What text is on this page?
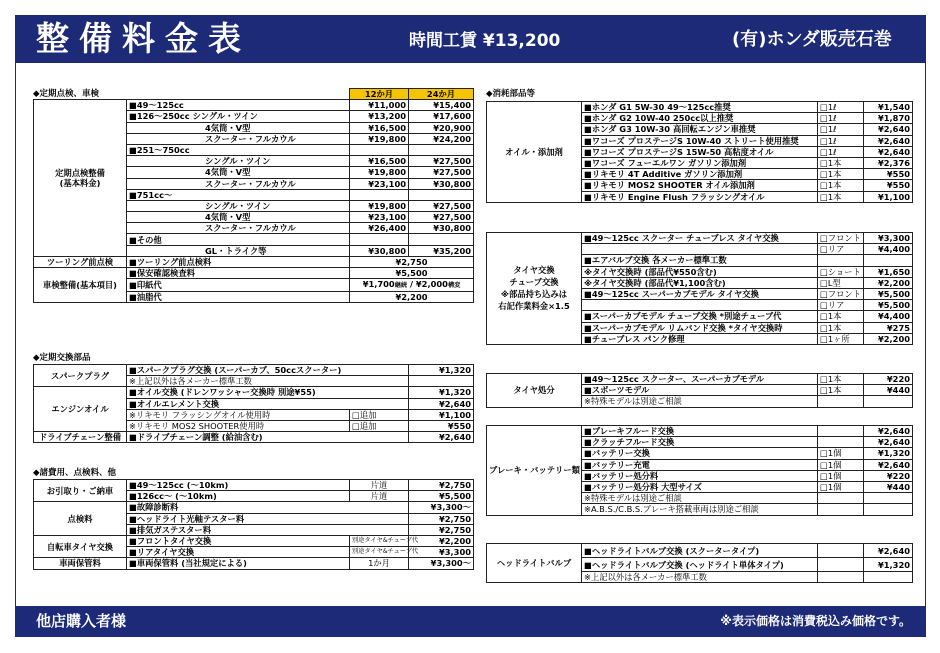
整備料金表	時間工賃 ¥13,200	(有)ホンダ販売石巻
◆定期点検、車検
			12か月	24か月
定期点検整備
(基本料金)	■49～125cc	¥11,000	¥15,400
	■126～250cc シングル・ツイン	¥13,200	¥17,600
	4気筒・V型	¥16,500	¥20,900
	スクーター・フルカウル	¥19,800	¥24,200
	■251～750cc		
	シングル・ツイン	¥16,500	¥27,500
	4気筒・V型	¥19,800	¥27,500
	スクーター・フルカウル	¥23,100	¥30,800
	■751cc～		
	シングル・ツイン	¥19,800	¥27,500
	4気筒・V型	¥23,100	¥27,500
	スクーター・フルカウル	¥26,400	¥30,800
	■その他		
	GL・トライク等	¥30,800	¥35,200
ツーリング前点検	■ツーリング前点検料	¥2,750	
車検整備(基本項目)	■保安確認検査料	¥5,500	
	■印紙代	¥1,700継続 / ¥2,000構変	
	■油脂代	¥2,200	
◆定期交換部品
スパークプラグ	■スパークプラグ交換 (スーパーカブ、50ccスクーター)		¥1,320
	※上記以外は各メーカー標準工数		
エンジンオイル	■オイル交換 (ドレンワッシャー交換時 別途¥55)		¥1,320
	■オイルエレメント交換		¥2,640
	※リキモリ フラッシングオイル使用時	□追加	¥1,100
	※リキモリ MOS2 SHOOTER使用時	□追加	¥550
ドライブチェーン整備	■ドライブチェーン調整 (給油含む)		¥2,640
◆諸費用、点検料、他
お引取り・ご納車	■49～125cc (～10km)	片道	¥2,750
	■126cc～ (～10km)	片道	¥5,500
点検料	■故障診断料		¥3,300～
	■ヘッドライト光軸テスター料		¥2,750
	■排気ガステスター料		¥2,750
自転車タイヤ交換	■フロントタイヤ交換	別途タイヤ&チューブ代	¥2,200
	■リアタイヤ交換	別途タイヤ&チューブ代	¥3,300
車両保管料	■車両保管料 (当社規定による)	1か月	¥3,300～
◆消耗部品等
オイル・添加剤	■ホンダ G1 5W-30 49～125cc推奨	□1ℓ	¥1,540
	■ホンダ G2 10W-40 250cc以上推奨	□1ℓ	¥1,870
	■ホンダ G3 10W-30 高回転エンジン車推奨	□1ℓ	¥2,640
	■ワコーズ プロステージS 10W-40 ストリート使用推奨	□1ℓ	¥2,640
	■ワコーズ プロステージS 15W-50 高粘度オイル	□1ℓ	¥2,640
	■ワコーズ フューエルワン ガソリン添加剤	□1本	¥2,376
	■リキモリ 4T Additive ガソリン添加剤	□1本	¥550
	■リキモリ MOS2 SHOOTER オイル添加剤	□1本	¥550
	■リキモリ Engine Flush フラッシングオイル	□1本	¥1,100
タイヤ交換
チューブ交換
※部品持ち込みは
右記作業料金×1.5	■49～125cc スクーター チューブレス タイヤ交換	□フロント	¥3,300
		□リア	¥4,400
	■エアバルブ交換 各メーカー標準工数		
	※タイヤ交換時 (部品代¥550含む)	□ショート	¥1,650
	※タイヤ交換時 (部品代¥1,100含む)	□L型	¥2,200
	■49～125cc スーパーカブモデル タイヤ交換	□フロント	¥5,500
		□リア	¥5,500
	■スーパーカブモデル チューブ交換 *別途チューブ代	□1本	¥4,400
	■スーパーカブモデル リムバンド交換 *タイヤ交換時	□1本	¥275
	■チューブレス パンク修理	□1ヶ所	¥2,200
タイヤ処分	■49～125cc スクーター、スーパーカブモデル	□1本	¥220
	■スポーツモデル	□1本	¥440
	※特殊モデルは別途ご相談		
ブレーキ・バッテリー類	■ブレーキフルード交換		¥2,640
	■クラッチフルード交換		¥2,640
	■バッテリー交換	□1個	¥1,320
	■バッテリー充電	□1個	¥2,640
	■バッテリー処分料	□1個	¥220
	■バッテリー処分料 大型サイズ	□1個	¥440
	※特殊モデルは別途ご相談		
	※A.B.S./C.B.S.ブレーキ搭載車両は別途ご相談		
ヘッドライトバルブ	■ヘッドライトバルブ交換 (スクータータイプ)		¥2,640
	■ヘッドライトバルブ交換 (ヘッドライト単体タイプ)		¥1,320
	※上記以外は各メーカー標準工数		
他店購入者様	※表示価格は消費税込み価格です。
